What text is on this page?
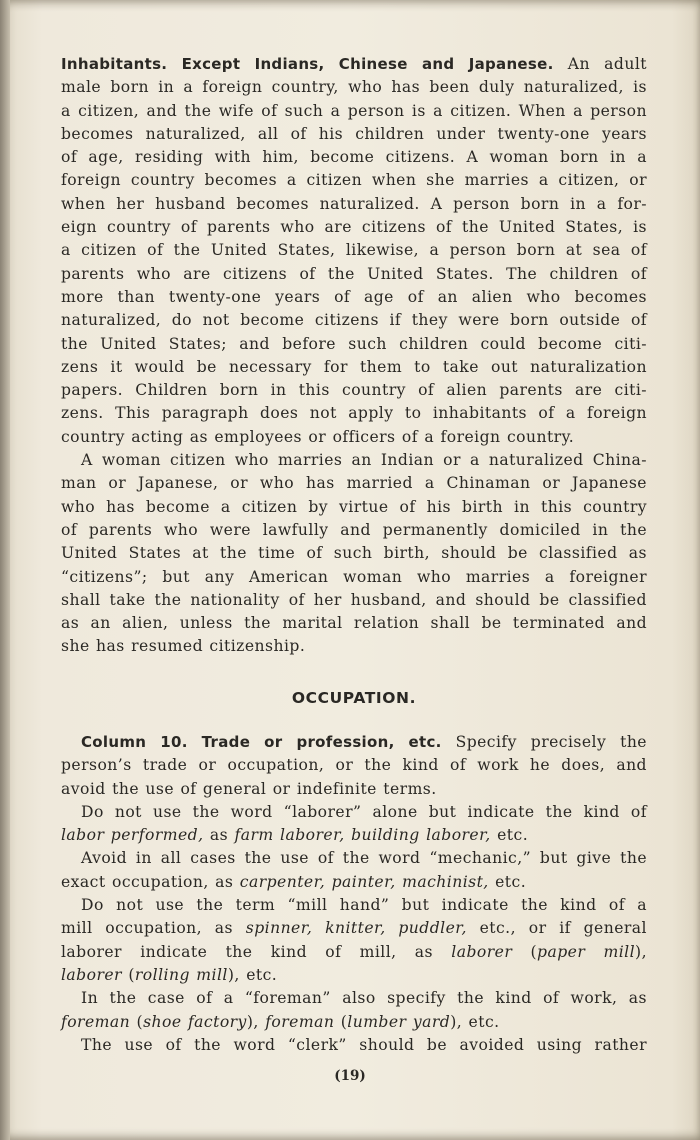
Inhabitants. Except Indians, Chinese and Japanese. An adult
male born in a foreign country, who has been duly naturalized, is
a citizen, and the wife of such a person is a citizen. When a person
becomes naturalized, all of his children under twenty-one years
of age, residing with him, become citizens. A woman born in a
foreign country becomes a citizen when she marries a citizen, or
when her husband becomes naturalized. A person born in a for-
eign country of parents who are citizens of the United States, is
a citizen of the United States, likewise, a person born at sea of
parents who are citizens of the United States. The children of
more than twenty-one years of age of an alien who becomes
naturalized, do not become citizens if they were born outside of
the United States; and before such children could become citi-
zens it would be necessary for them to take out naturalization
papers. Children born in this country of alien parents are citi-
zens. This paragraph does not apply to inhabitants of a foreign
country acting as employees or officers of a foreign country.
A woman citizen who marries an Indian or a naturalized China-
man or Japanese, or who has married a Chinaman or Japanese
who has become a citizen by virtue of his birth in this country
of parents who were lawfully and permanently domiciled in the
United States at the time of such birth, should be classified as
“citizens”; but any American woman who marries a foreigner
shall take the nationality of her husband, and should be classified
as an alien, unless the marital relation shall be terminated and
she has resumed citizenship.
OCCUPATION.
Column 10. Trade or profession, etc. Specify precisely the
person’s trade or occupation, or the kind of work he does, and
avoid the use of general or indefinite terms.
Do not use the word “laborer” alone but indicate the kind of
labor performed, as farm laborer, building laborer, etc.
Avoid in all cases the use of the word “mechanic,” but give the
exact occupation, as carpenter, painter, machinist, etc.
Do not use the term “mill hand” but indicate the kind of a
mill occupation, as spinner, knitter, puddler, etc., or if general
laborer indicate the kind of mill, as laborer (paper mill),
laborer (rolling mill), etc.
In the case of a “foreman” also specify the kind of work, as
foreman (shoe factory), foreman (lumber yard), etc.
The use of the word “clerk” should be avoided using rather
(19)
